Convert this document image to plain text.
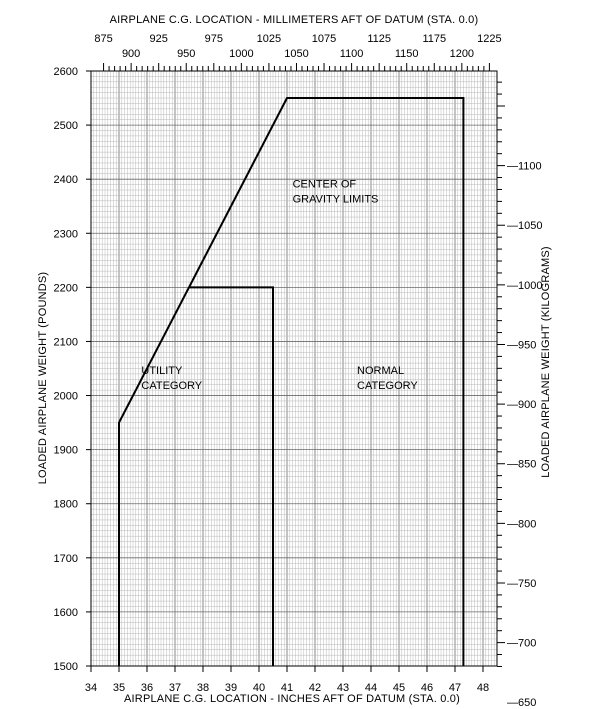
34 35 36 37 38 39 40 41 42 43 44 45 46 47 48
1500
1600
1700
1800
1900
2000
2100
2200
2300
2400
2500
2600
875	925	975	1025	1075	1125	1175	1225
900	950	1000	1050	1100	1150	1200
—650
—700
—750
—800
—850
—900
—950
—1000
—1050
—1100
AIRPLANE C.G. LOCATION - INCHES AFT OF DATUM (STA. 0.0)
AIRPLANE C.G. LOCATION - MILLIMETERS AFT OF DATUM (STA. 0.0)
LOADED AIRPLANE WEIGHT (POUNDS)	LOADED AIRPLANE WEIGHT (KILOGRAMS)
CENTER OF
GRAVITY LIMITS
UTILITY
CATEGORY
NORMAL
CATEGORY
